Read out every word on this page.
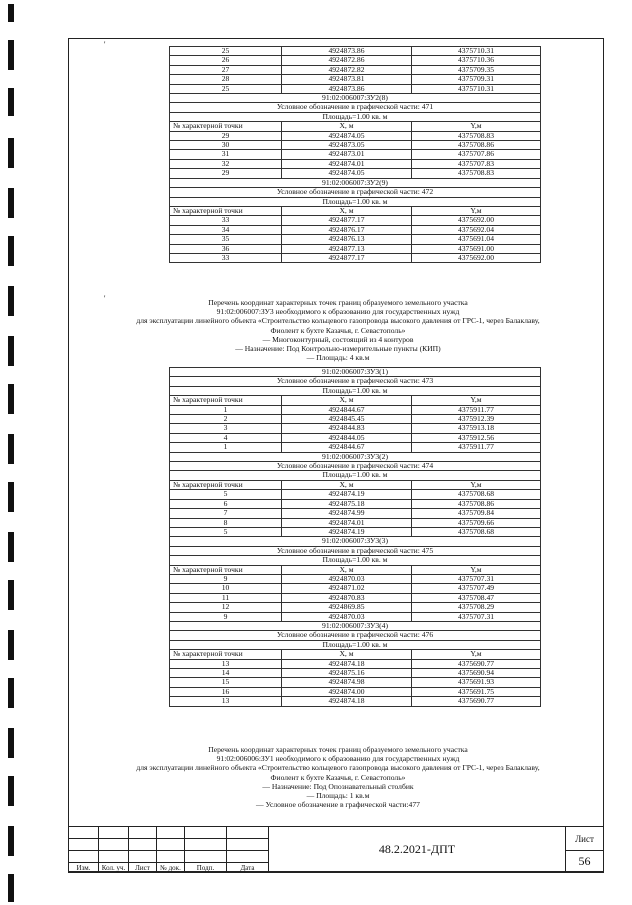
'
'
25	4924873.86	4375710.31
26	4924872.86	4375710.36
27	4924872.82	4375709.35
28	4924873.81	4375709.31
25	4924873.86	4375710.31
91:02:006007:ЗУ2(8)		
Условное обозначение в графической части: 471		
Площадь=1.00 кв. м		
№ характерной точки	X, м	Y,м
29	4924874.05	4375708.83
30	4924873.05	4375708.86
31	4924873.01	4375707.86
32	4924874.01	4375707.83
29	4924874.05	4375708.83
91:02:006007:ЗУ2(9)		
Условное обозначение в графической части: 472		
Площадь=1.00 кв. м		
№ характерной точки	X, м	Y,м
33	4924877.17	4375692.00
34	4924876.17	4375692.04
35	4924876.13	4375691.04
36	4924877.13	4375691.00
33	4924877.17	4375692.00
Перечень координат характерных точек границ образуемого земельного участка
91:02:006007:ЗУ3 необходимого к образованию для государственных нужд
для эксплуатации линейного объекта «Строительство кольцевого газопровода высокого давления от ГРС-1, через Балаклаву,
Фиолент к бухте Казачья, г. Севастополь»
— Многоконтурный, состоящий из 4 контуров
— Назначение: Под Контрольно-измерительные пункты (КИП)
— Площадь: 4 кв.м
91:02:006007:ЗУ3(1)		
Условное обозначение в графической части: 473		
Площадь=1.00 кв. м		
№ характерной точки	X, м	Y,м
1	4924844.67	4375911.77
2	4924845.45	4375912.39
3	4924844.83	4375913.18
4	4924844.05	4375912.56
1	4924844.67	4375911.77
91:02:006007:ЗУ3(2)		
Условное обозначение в графической части: 474		
Площадь=1.00 кв. м		
№ характерной точки	X, м	Y,м
5	4924874.19	4375708.68
6	4924875.18	4375708.86
7	4924874.99	4375709.84
8	4924874.01	4375709.66
5	4924874.19	4375708.68
91:02:006007:ЗУ3(3)		
Условное обозначение в графической части: 475		
Площадь=1.00 кв. м		
№ характерной точки	X, м	Y,м
9	4924870.03	4375707.31
10	4924871.02	4375707.49
11	4924870.83	4375708.47
12	4924869.85	4375708.29
9	4924870.03	4375707.31
91:02:006007:ЗУ3(4)		
Условное обозначение в графической части: 476		
Площадь=1.00 кв. м		
№ характерной точки	X, м	Y,м
13	4924874.18	4375690.77
14	4924875.16	4375690.94
15	4924874.98	4375691.93
16	4924874.00	4375691.75
13	4924874.18	4375690.77
Перечень координат характерных точек границ образуемого земельного участка
91:02:006006:ЗУ1 необходимого к образованию для государственных нужд
для эксплуатации линейного объекта «Строительство кольцевого газопровода высокого давления от ГРС-1, через Балаклаву,
Фиолент к бухте Казачья, г. Севастополь»
— Назначение: Под Опознавательный столбик
— Площадь: 1 кв.м
— Условное обозначение в графической части:477
						48.2.2021-ДПТ	Лист

							56
Изм.	Кол. уч.	Лист	№ док.	Подп.	Дата		
